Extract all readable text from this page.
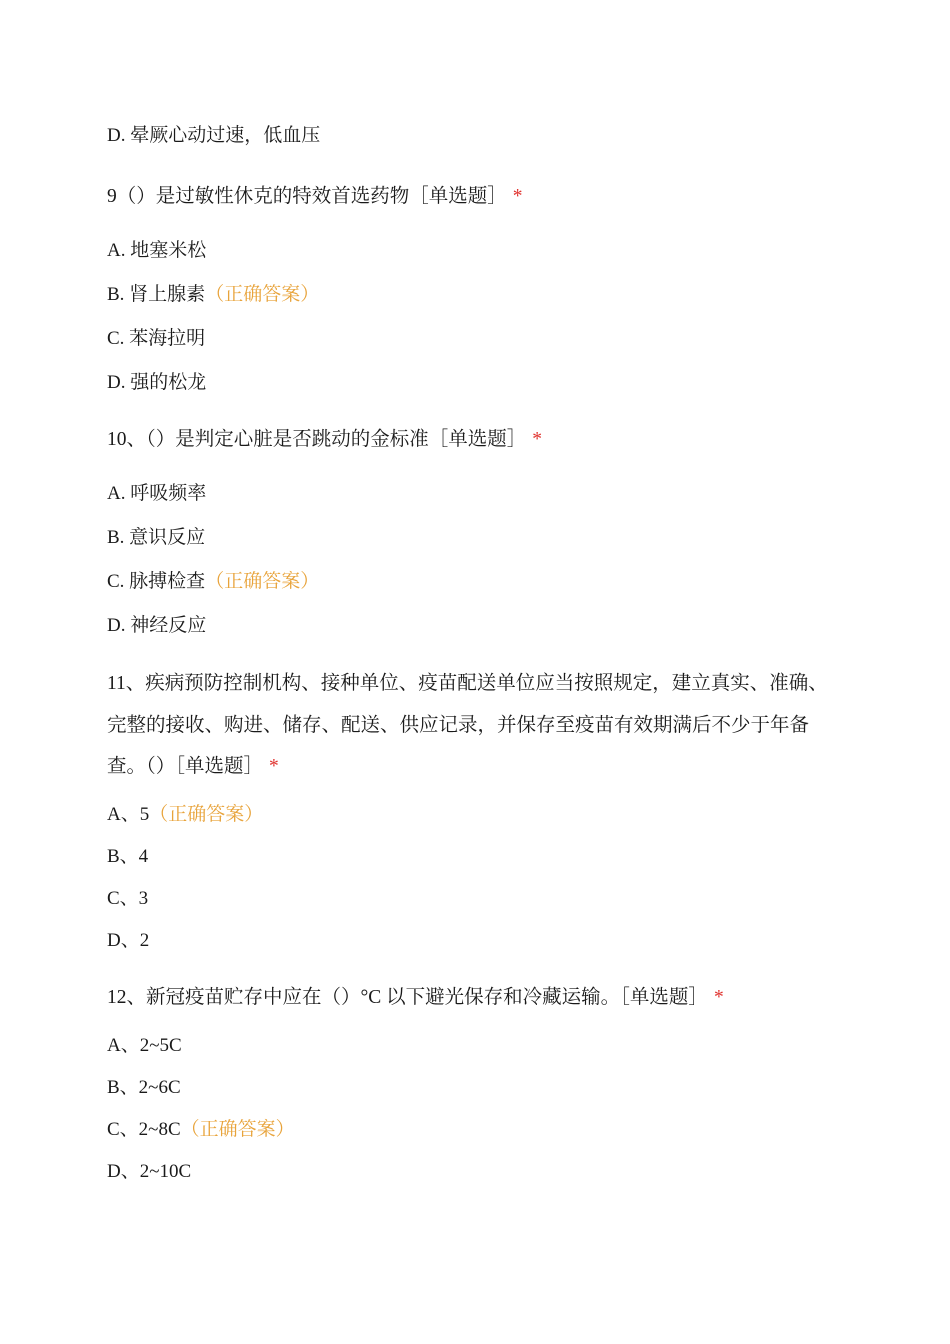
D. 晕厥心动过速，低血压
9（）是过敏性休克的特效首选药物［单选题］ *
A. 地塞米松
B. 肾上腺素（正确答案）
C. 苯海拉明
D. 强的松龙
10、（）是判定心脏是否跳动的金标准［单选题］ *
A. 呼吸频率
B. 意识反应
C. 脉搏检查（正确答案）
D. 神经反应
11、疾病预防控制机构、接种单位、疫苗配送单位应当按照规定，建立真实、准确、
完整的接收、购进、储存、配送、供应记录，并保存至疫苗有效期满后不少于年备
查。（）［单选题］ *
A、5（正确答案）
B、4
C、3
D、2
12、新冠疫苗贮存中应在（）°C 以下避光保存和冷藏运输。［单选题］ *
A、2~5C
B、2~6C
C、2~8C（正确答案）
D、2~10C
